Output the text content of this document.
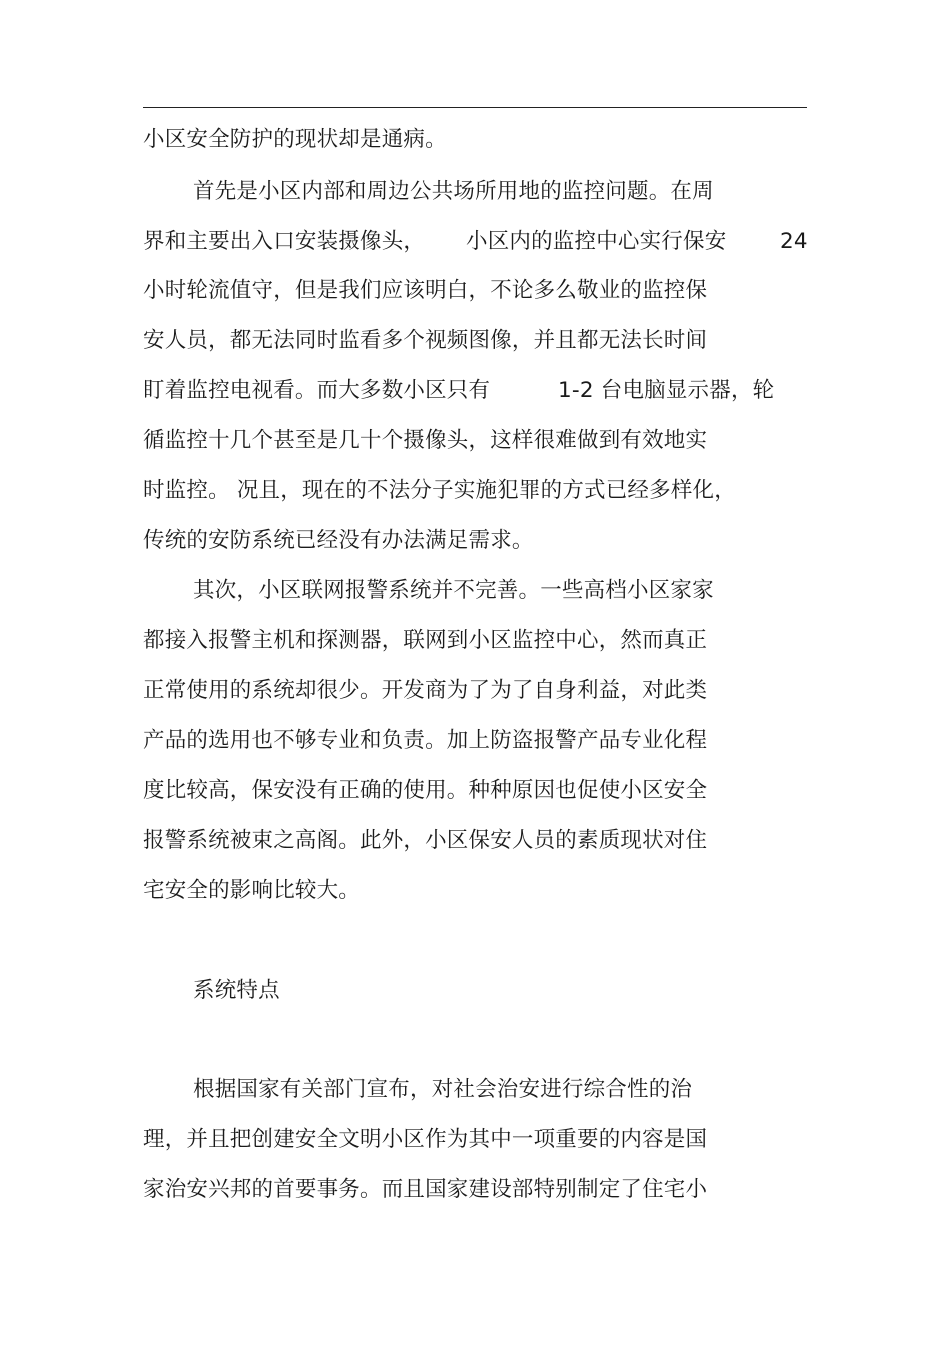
小区安全防护的现状却是通病。
首先是小区内部和周边公共场所用地的监控问题。在周
界和主要出入口安装摄像头， 小区内的监控中心实行保安 24
小时轮流值守，但是我们应该明白，不论多么敬业的监控保
安人员，都无法同时监看多个视频图像，并且都无法长时间
盯着监控电视看。而大多数小区只有	1-2 台电脑显示器，轮
循监控十几个甚至是几十个摄像头，这样很难做到有效地实
时监控。 况且，现在的不法分子实施犯罪的方式已经多样化，
传统的安防系统已经没有办法满足需求。
其次，小区联网报警系统并不完善。一些高档小区家家
都接入报警主机和探测器，联网到小区监控中心，然而真正
正常使用的系统却很少。开发商为了为了自身利益，对此类
产品的选用也不够专业和负责。加上防盗报警产品专业化程
度比较高，保安没有正确的使用。种种原因也促使小区安全
报警系统被束之高阁。此外，小区保安人员的素质现状对住
宅安全的影响比较大。
系统特点
根据国家有关部门宣布，对社会治安进行综合性的治
理，并且把创建安全文明小区作为其中一项重要的内容是国
家治安兴邦的首要事务。而且国家建设部特别制定了住宅小
